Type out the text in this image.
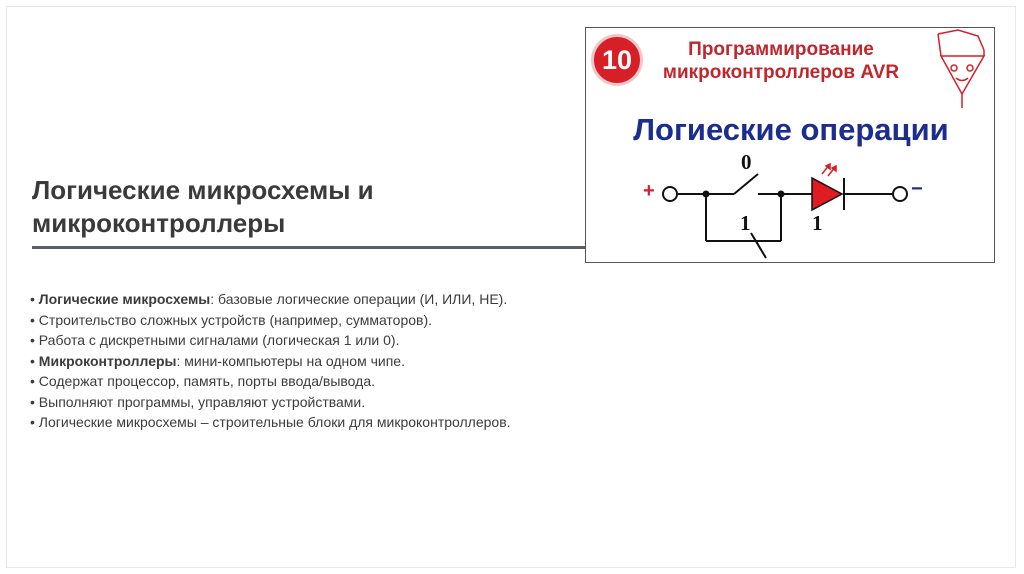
Логические микросхемы и
микроконтроллеры
• Логические микросхемы: базовые логические операции (И, ИЛИ, НЕ).
• Строительство сложных устройств (например, сумматоров).
• Работа с дискретными сигналами (логическая 1 или 0).
• Микроконтроллеры: мини-компьютеры на одном чипе.
• Содержат процессор, память, порты ввода/вывода.
• Выполняют программы, управляют устройствами.
• Логические микросхемы – строительные блоки для микроконтроллеров.
10	Программирование
микроконтроллеров AVR
Логиеские операции
0
1	1
+	−
